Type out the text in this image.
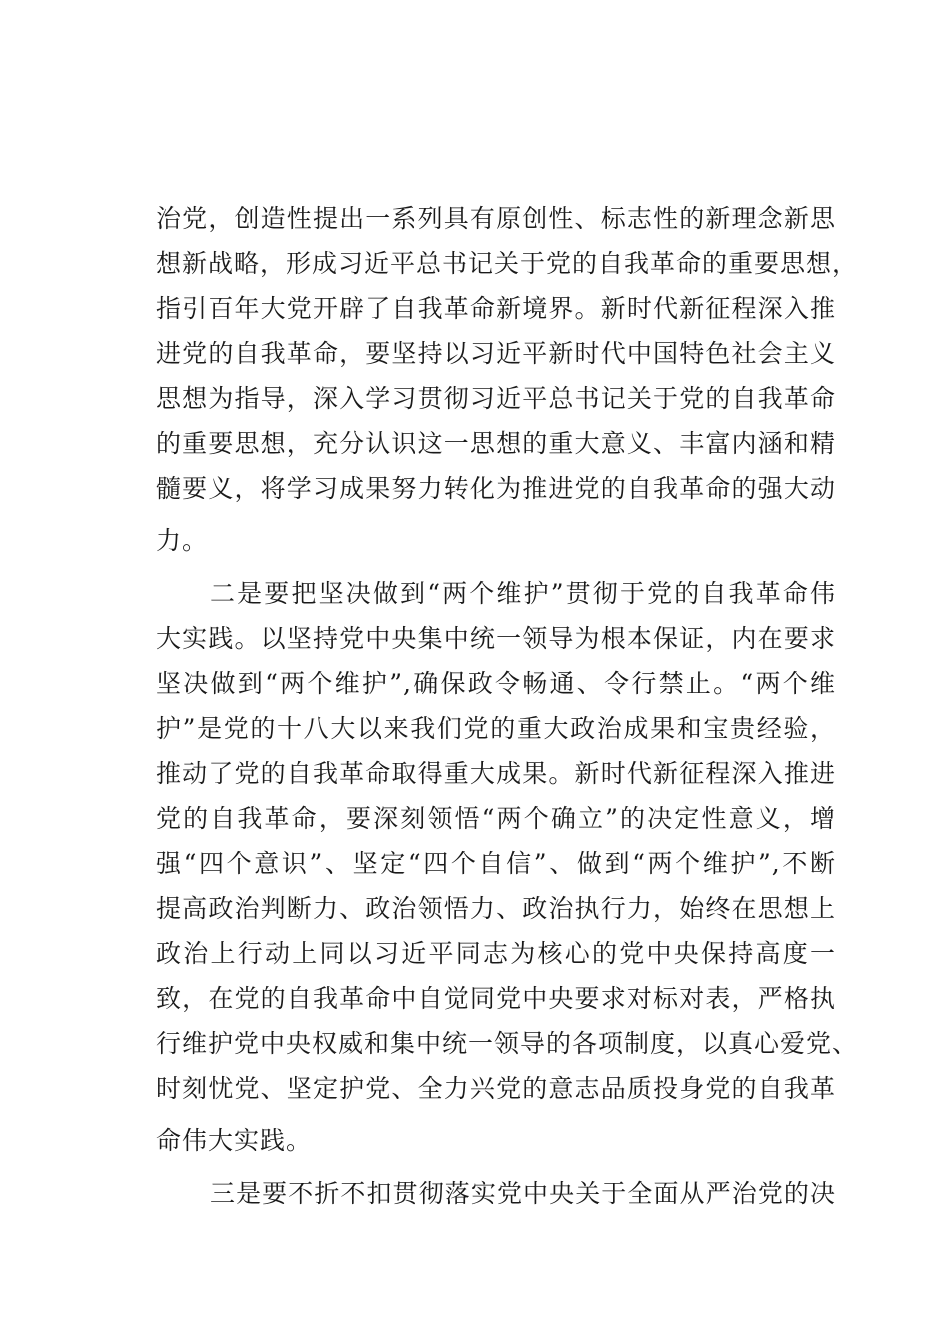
治党，创造性提出一系列具有原创性、标志性的新理念新思
想新战略，形成习近平总书记关于党的自我革命的重要思想，
指引百年大党开辟了自我革命新境界。新时代新征程深入推
进党的自我革命，要坚持以习近平新时代中国特色社会主义
思想为指导，深入学习贯彻习近平总书记关于党的自我革命
的重要思想，充分认识这一思想的重大意义、丰富内涵和精
髓要义，将学习成果努力转化为推进党的自我革命的强大动
力。
二是要把坚决做到“两个维护”贯彻于党的自我革命伟
大实践。以坚持党中央集中统一领导为根本保证，内在要求
坚决做到“两个维护”,确保政令畅通、令行禁止。“两个维
护”是党的十八大以来我们党的重大政治成果和宝贵经验，
推动了党的自我革命取得重大成果。新时代新征程深入推进
党的自我革命，要深刻领悟“两个确立”的决定性意义，增
强“四个意识”、坚定“四个自信”、做到“两个维护”,不断
提高政治判断力、政治领悟力、政治执行力，始终在思想上
政治上行动上同以习近平同志为核心的党中央保持高度一
致，在党的自我革命中自觉同党中央要求对标对表，严格执
行维护党中央权威和集中统一领导的各项制度，以真心爱党、
时刻忧党、坚定护党、全力兴党的意志品质投身党的自我革
命伟大实践。
三是要不折不扣贯彻落实党中央关于全面从严治党的决
